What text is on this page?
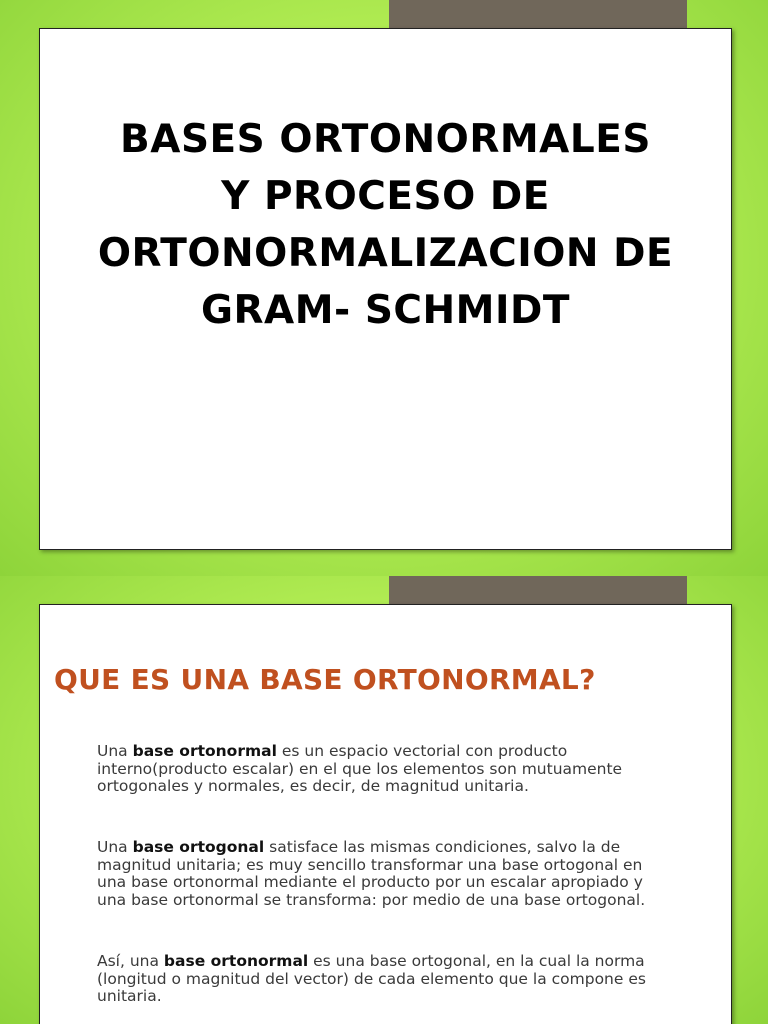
BASES ORTONORMALES
Y PROCESO DE
ORTONORMALIZACION DE
GRAM- SCHMIDT
QUE ES UNA BASE ORTONORMAL?

Una base ortonormal es un espacio vectorial con producto interno(producto escalar) en el que los elementos son mutuamente ortogonales y normales, es decir, de magnitud unitaria.

Una base ortogonal satisface las mismas condiciones, salvo la de magnitud unitaria; es muy sencillo transformar una base ortogonal en una base ortonormal mediante el producto por un escalar apropiado y una base ortonormal se transforma: por medio de una base ortogonal.

Así, una base ortonormal es una base ortogonal, en la cual la norma (longitud o magnitud del vector) de cada elemento que la compone es unitaria.
